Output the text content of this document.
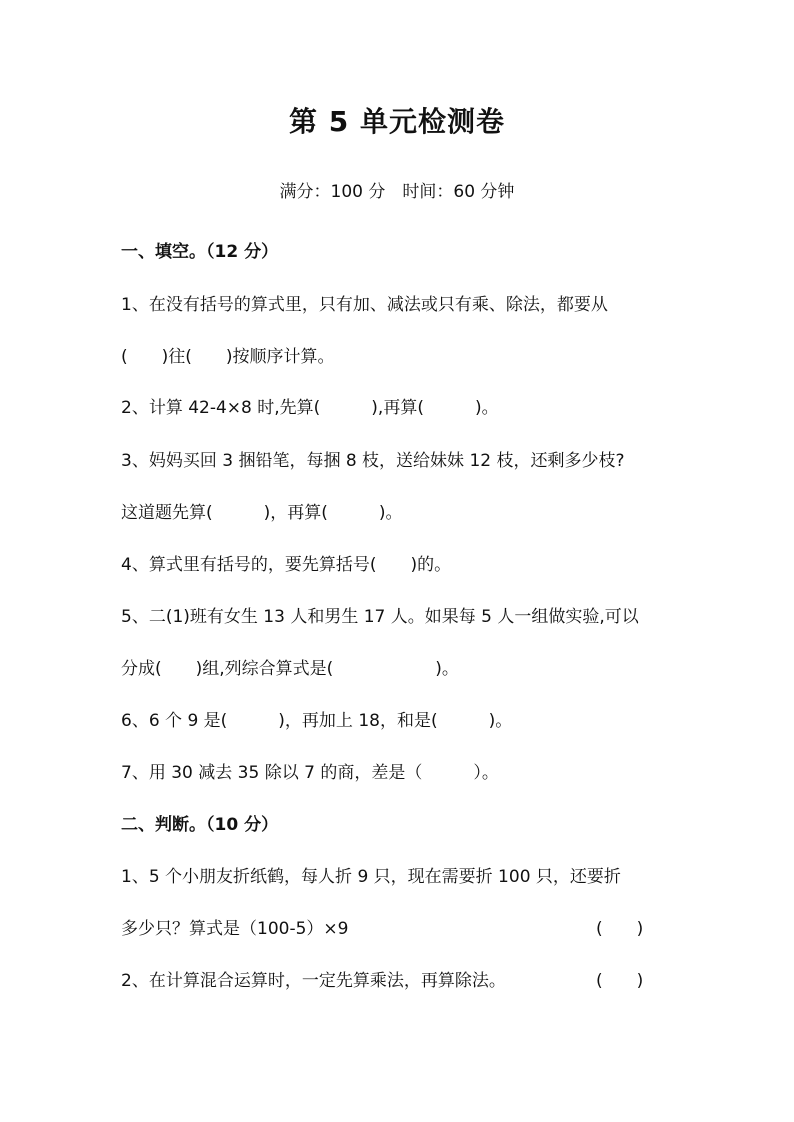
第 5 单元检测卷
满分：100 分　时间：60 分钟
一、填空。（12 分）
1、在没有括号的算式里，只有加、减法或只有乘、除法，都要从
(　　)往(　　)按顺序计算。
2、计算 42-4×8 时,先算(　　　),再算(　　　)。
3、妈妈买回 3 捆铅笔，每捆 8 枝，送给妹妹 12 枝，还剩多少枝?
这道题先算(　　　)，再算(　　　)。
4、算式里有括号的，要先算括号(　　)的。
5、二(1)班有女生 13 人和男生 17 人。如果每 5 人一组做实验,可以
分成(　　)组,列综合算式是(　　　　　　)。
6、6 个 9 是(　　　)，再加上 18，和是(　　　)。
7、用 30 减去 35 除以 7 的商，差是（　　　）。
二、判断。（10 分）
1、5 个小朋友折纸鹤，每人折 9 只，现在需要折 100 只，还要折
多少只？算式是（100-5）×9	(　　)
2、在计算混合运算时，一定先算乘法，再算除法。	(　　)
